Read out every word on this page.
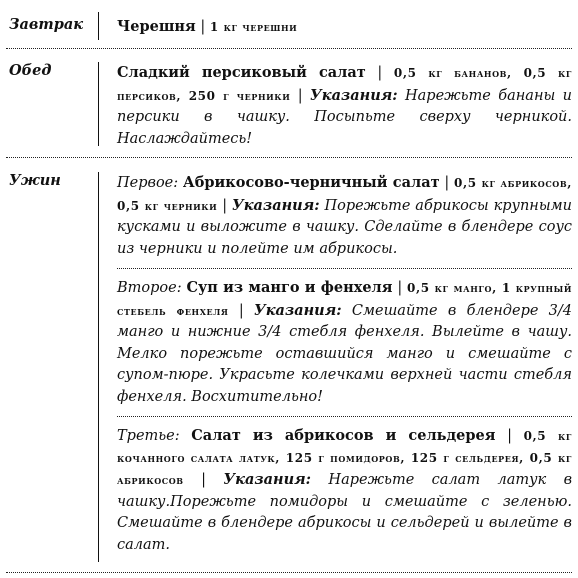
Завтрак Черешня | 1 кг черешни
Обед	Сладкий персиковый салат | 0,5 кг бананов, 0,5 кг персиков, 250 г черники | Указания: Нарежьте бананы и персики в чашку. Посыпьте сверху черникой. Наслаждайтесь!
Ужин	Первое: Абрикосово-черничный салат | 0,5 кг абрикосов, 0,5 кг черники | Указания: Порежьте абрикосы крупными кусками и выложите в чашку. Сделайте в блендере соус из черники и полейте им абрикосы.
Второе: Суп из манго и фенхеля | 0,5 кг манго, 1 крупный стебель фенхеля | Указания: Смешайте в блендере 3/4 манго и нижние 3/4 стебля фенхеля. Вылейте в чашу. Мелко порежьте оставшийся манго и смешайте с супом-пюре. Украсьте колечками верхней части стебля фенхеля. Восхитительно!
Третье: Салат из абрикосов и сельдерея | 0,5 кг кочанного салата латук, 125 г помидоров, 125 г сельдерея, 0,5 кг абрикосов | Указания: Нарежьте салат латук в чашку.Порежьте помидоры и смешайте с зеленью. Смешайте в блендере абрикосы и сельдерей и вылейте в салат.
